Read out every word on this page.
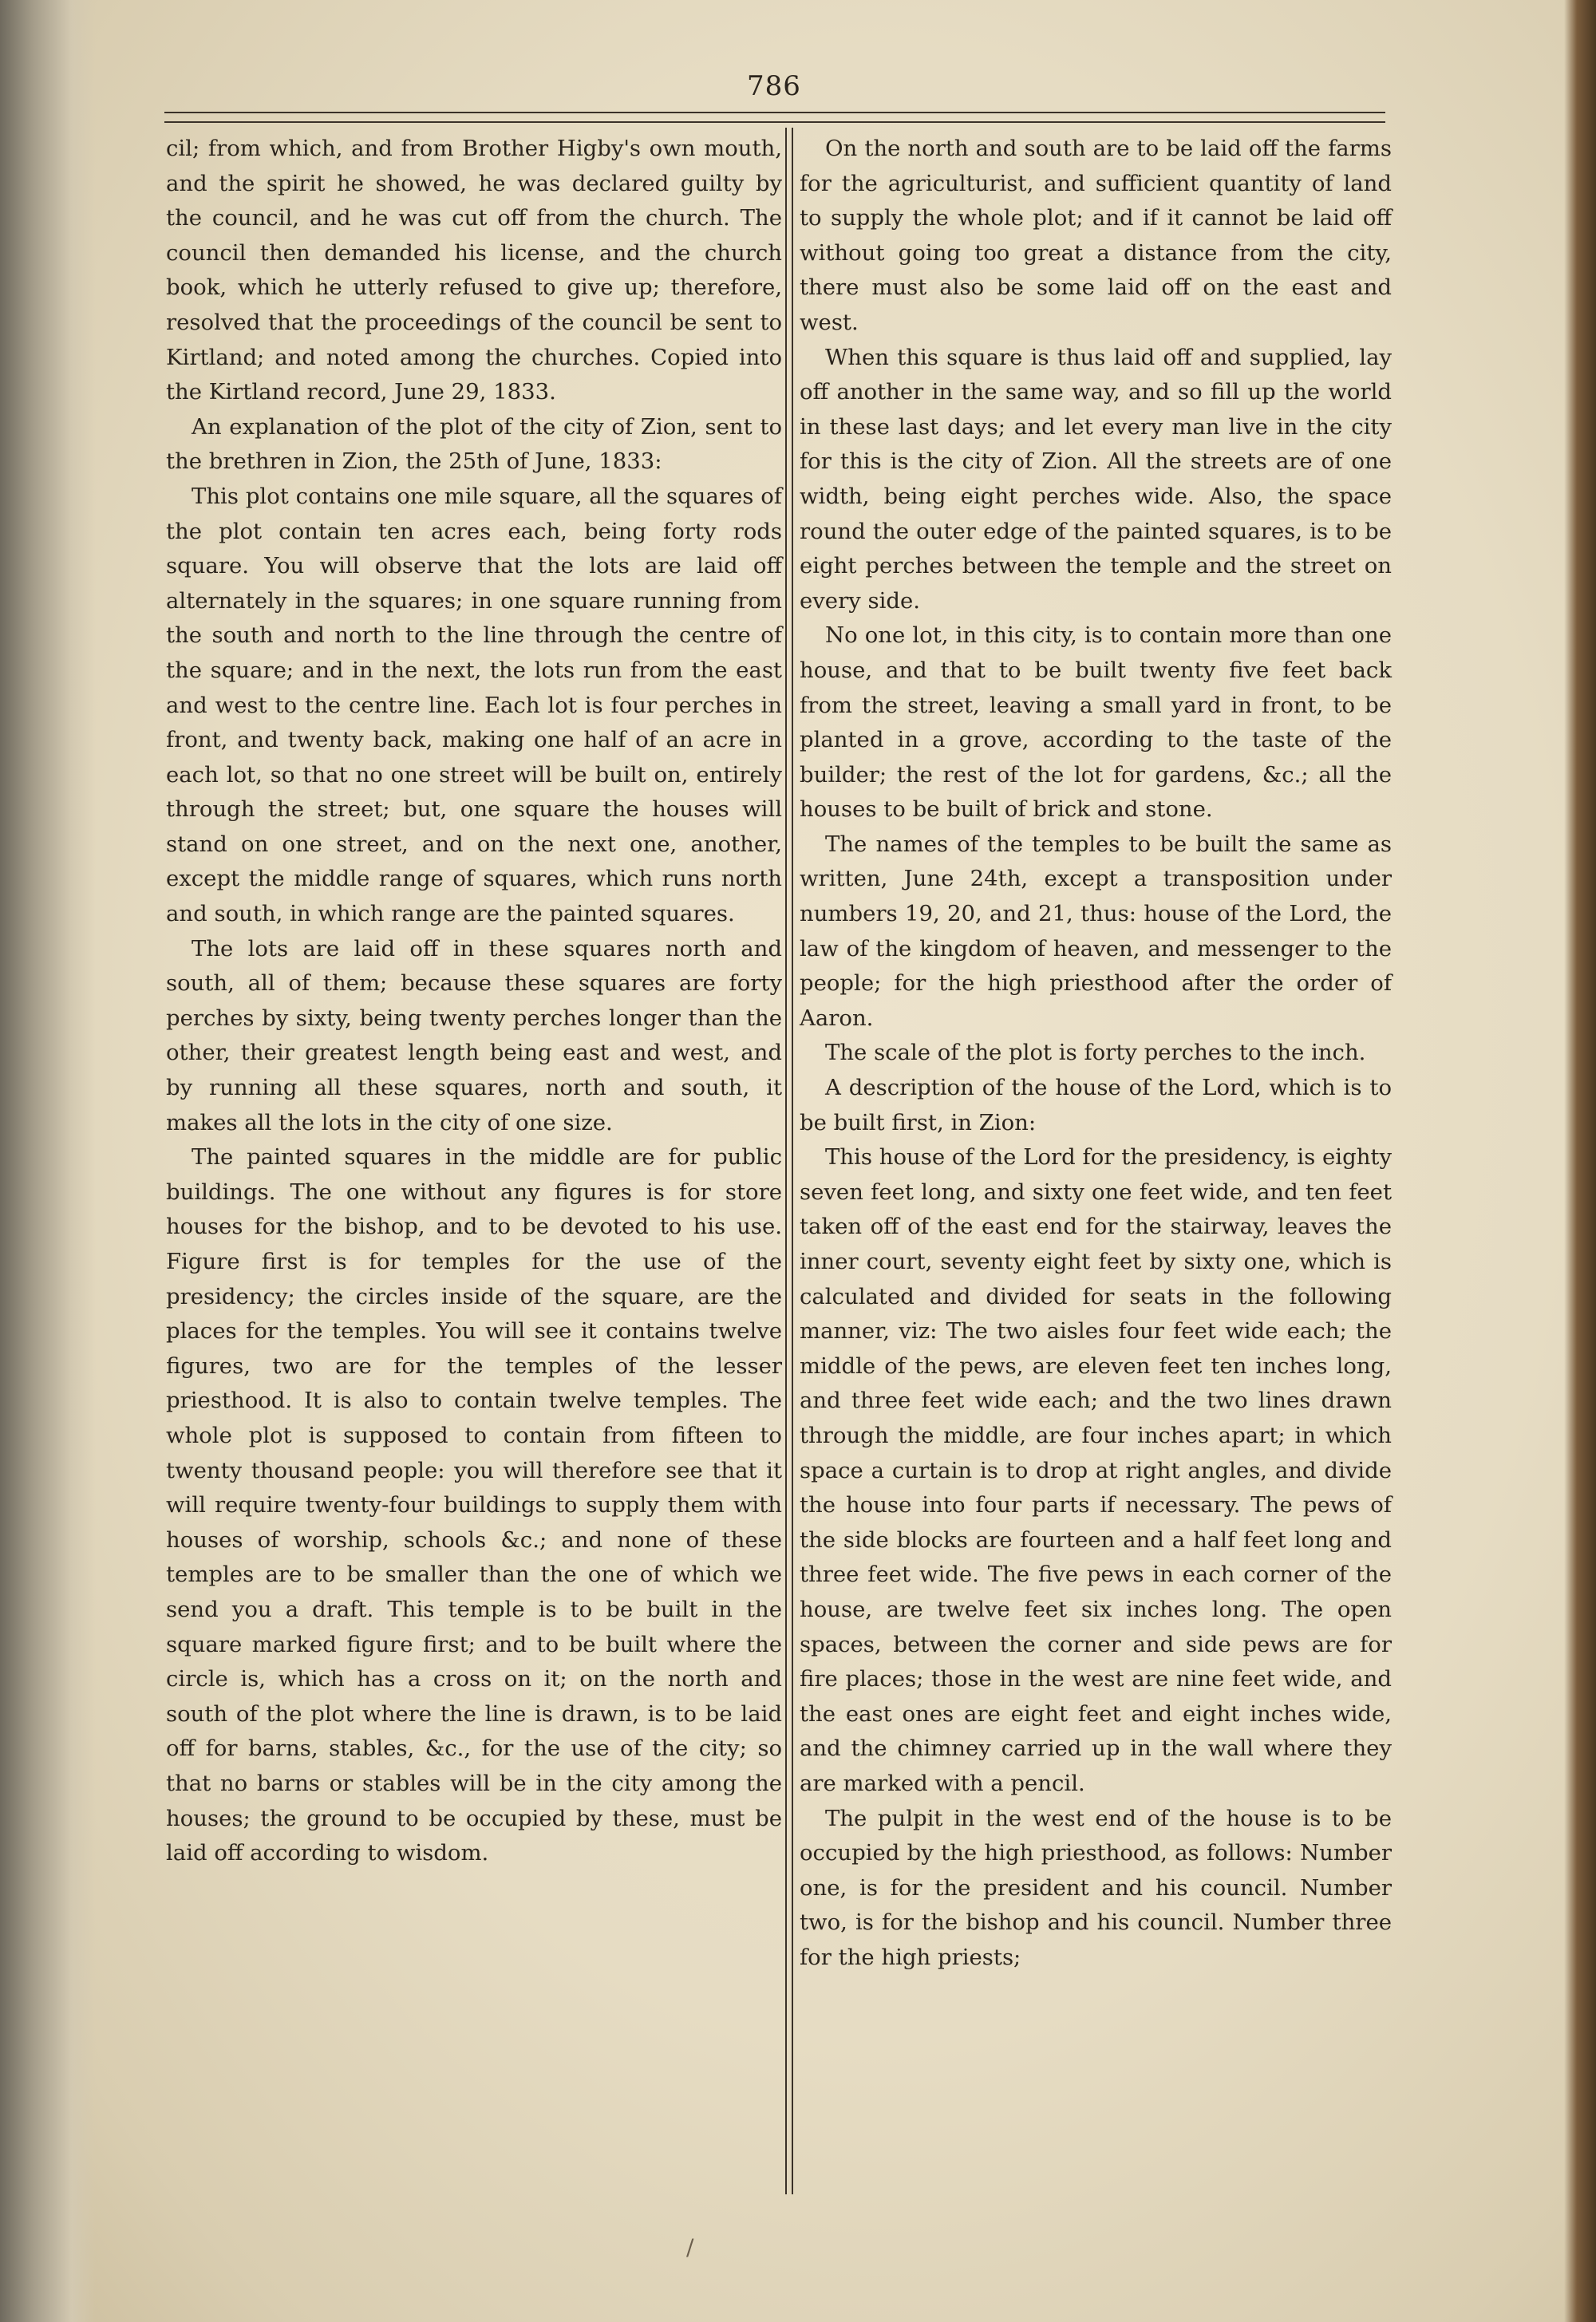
786

cil; from which, and from Brother Higby's own mouth, and the spirit he showed, he was declared guilty by the council, and he was cut off from the church. The council then demanded his license, and the church book, which he utterly refused to give up; therefore, resolved that the proceedings of the council be sent to Kirtland; and noted among the churches. Copied into the Kirtland record, June 29, 1833.

An explanation of the plot of the city of Zion, sent to the brethren in Zion, the 25th of June, 1833:

This plot contains one mile square, all the squares of the plot contain ten acres each, being forty rods square. You will observe that the lots are laid off alternately in the squares; in one square running from the south and north to the line through the centre of the square; and in the next, the lots run from the east and west to the centre line. Each lot is four perches in front, and twenty back, making one half of an acre in each lot, so that no one street will be built on, entirely through the street; but, one square the houses will stand on one street, and on the next one, another, except the middle range of squares, which runs north and south, in which range are the painted squares.

The lots are laid off in these squares north and south, all of them; because these squares are forty perches by sixty, being twenty perches longer than the other, their greatest length being east and west, and by running all these squares, north and south, it makes all the lots in the city of one size.

The painted squares in the middle are for public buildings. The one without any figures is for store houses for the bishop, and to be devoted to his use. Figure first is for temples for the use of the presidency; the circles inside of the square, are the places for the temples. You will see it contains twelve figures, two are for the temples of the lesser priesthood. It is also to contain twelve temples. The whole plot is supposed to contain from fifteen to twenty thousand people: you will therefore see that it will require twenty-four buildings to supply them with houses of worship, schools &c.; and none of these temples are to be smaller than the one of which we send you a draft. This temple is to be built in the square marked figure first; and to be built where the circle is, which has a cross on it; on the north and south of the plot where the line is drawn, is to be laid off for barns, stables, &c., for the use of the city; so that no barns or stables will be in the city among the houses; the ground to be occupied by these, must be laid off according to wisdom.

On the north and south are to be laid off the farms for the agriculturist, and sufficient quantity of land to supply the whole plot; and if it cannot be laid off without going too great a distance from the city, there must also be some laid off on the east and west.

When this square is thus laid off and supplied, lay off another in the same way, and so fill up the world in these last days; and let every man live in the city for this is the city of Zion. All the streets are of one width, being eight perches wide. Also, the space round the outer edge of the painted squares, is to be eight perches between the temple and the street on every side.

No one lot, in this city, is to contain more than one house, and that to be built twenty five feet back from the street, leaving a small yard in front, to be planted in a grove, according to the taste of the builder; the rest of the lot for gardens, &c.; all the houses to be built of brick and stone.

The names of the temples to be built the same as written, June 24th, except a transposition under numbers 19, 20, and 21, thus: house of the Lord, the law of the kingdom of heaven, and messenger to the people; for the high priesthood after the order of Aaron.

The scale of the plot is forty perches to the inch.

A description of the house of the Lord, which is to be built first, in Zion:

This house of the Lord for the presidency, is eighty seven feet long, and sixty one feet wide, and ten feet taken off of the east end for the stairway, leaves the inner court, seventy eight feet by sixty one, which is calculated and divided for seats in the following manner, viz: The two aisles four feet wide each; the middle of the pews, are eleven feet ten inches long, and three feet wide each; and the two lines drawn through the middle, are four inches apart; in which space a curtain is to drop at right angles, and divide the house into four parts if necessary. The pews of the side blocks are fourteen and a half feet long and three feet wide. The five pews in each corner of the house, are twelve feet six inches long. The open spaces, between the corner and side pews are for fire places; those in the west are nine feet wide, and the east ones are eight feet and eight inches wide, and the chimney carried up in the wall where they are marked with a pencil.

The pulpit in the west end of the house is to be occupied by the high priesthood, as follows: Number one, is for the president and his council. Number two, is for the bishop and his council. Number three for the high priests;

/
